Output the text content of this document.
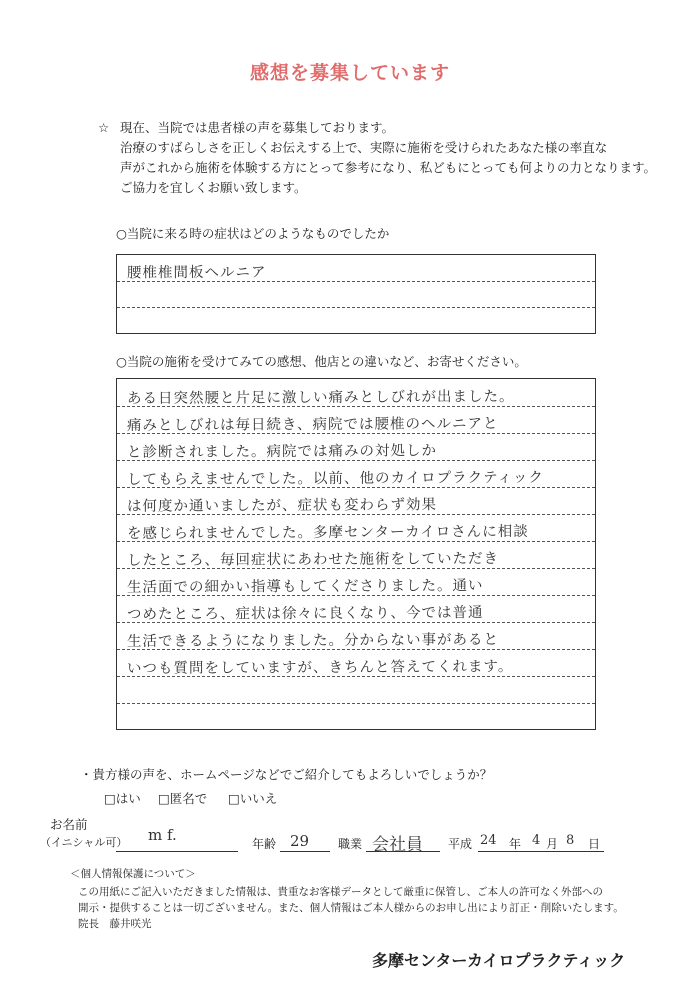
感想を募集しています
☆ 現在、当院では患者様の声を募集しております。
治療のすばらしさを正しくお伝えする上で、実際に施術を受けられたあなた様の率直な
声がこれから施術を体験する方にとって参考になり、私どもにとっても何よりの力となります。
ご協力を宜しくお願い致します。
○当院に来る時の症状はどのようなものでしたか
腰椎椎間板ヘルニア
○当院の施術を受けてみての感想、他店との違いなど、お寄せください。
ある日突然腰と片足に激しい痛みとしびれが出ました。
痛みとしびれは毎日続き、病院では腰椎のヘルニアと
と診断されました。病院では痛みの対処しか
してもらえませんでした。以前、他のカイロプラクティック
は何度か通いましたが、症状も変わらず効果
を感じられませんでした。多摩センターカイロさんに相談
したところ、毎回症状にあわせた施術をしていただき
生活面での細かい指導もしてくださりました。通い
つめたところ、症状は徐々に良くなり、今では普通
生活できるようになりました。分からない事があると
いつも質問をしていますが、きちんと答えてくれます。
・貴方様の声を、ホームページなどでご紹介してもよろしいでしょうか？
□はい □匿名で □いいえ
お名前
（イニシャル可） m f.	年齢 29 職業 会社員 平成 24 年 4 月 8 日
＜個人情報保護について＞
この用紙にご記入いただきました情報は、貴重なお客様データとして厳重に保管し、ご本人の許可なく外部への
開示・提供することは一切ございません。また、個人情報はご本人様からのお申し出により訂正・削除いたします。
院長　藤井咲光
多摩センターカイロプラクティック
